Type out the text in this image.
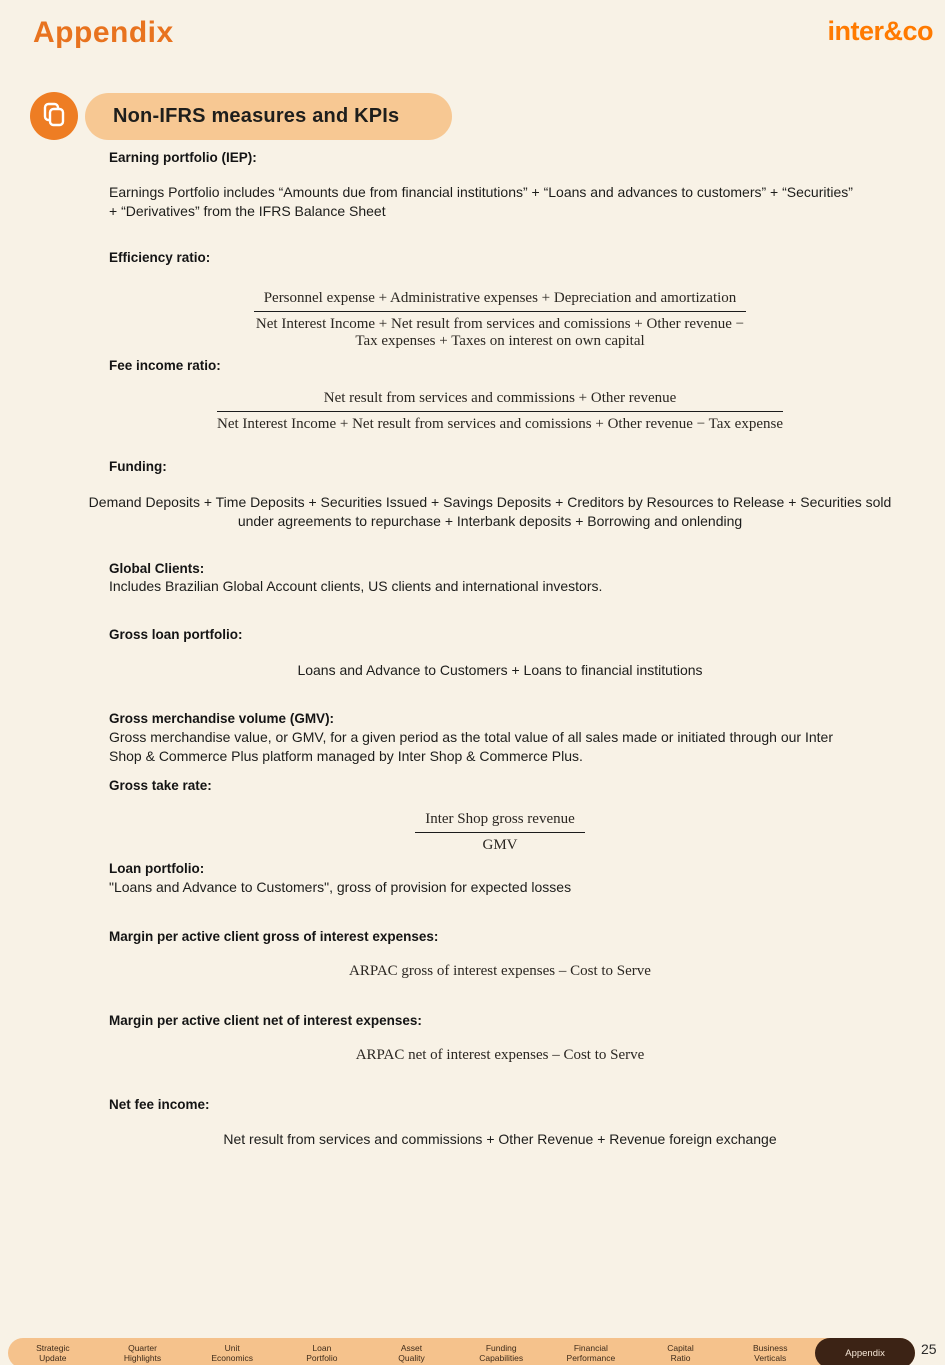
Appendix	inter&co
Non-IFRS measures and KPIs
Earning portfolio (IEP):
Earnings Portfolio includes “Amounts due from financial institutions” + “Loans and advances to customers” + “Securities” + “Derivatives” from the IFRS Balance Sheet
Efficiency ratio:
Personnel expense + Administrative expenses + Depreciation and amortization
Net Interest Income + Net result from services and comissions + Other revenue −
Tax expenses + Taxes on interest on own capital
Fee income ratio:
Net result from services and commissions + Other revenue
Net Interest Income + Net result from services and comissions + Other revenue − Tax expense
Funding:
Demand Deposits + Time Deposits + Securities Issued + Savings Deposits + Creditors by Resources to Release + Securities sold under agreements to repurchase + Interbank deposits + Borrowing and onlending
Global Clients:
Includes Brazilian Global Account clients, US clients and international investors.
Gross loan portfolio:
Loans and Advance to Customers + Loans to financial institutions
Gross merchandise volume (GMV):
Gross merchandise value, or GMV, for a given period as the total value of all sales made or initiated through our Inter Shop & Commerce Plus platform managed by Inter Shop & Commerce Plus.
Gross take rate:
Inter Shop gross revenue
GMV
Loan portfolio:
"Loans and Advance to Customers", gross of provision for expected losses
Margin per active client gross of interest expenses:
ARPAC gross of interest expenses – Cost to Serve
Margin per active client net of interest expenses:
ARPAC net of interest expenses – Cost to Serve
Net fee income:
Net result from services and commissions + Other Revenue + Revenue foreign exchange
Strategic
Update
Quarter
Highlights
Unit
Economics
Loan
Portfolio
Asset
Quality
Funding
Capabilities
Financial
Performance
Capital
Ratio
Business
Verticals	Appendix	25
